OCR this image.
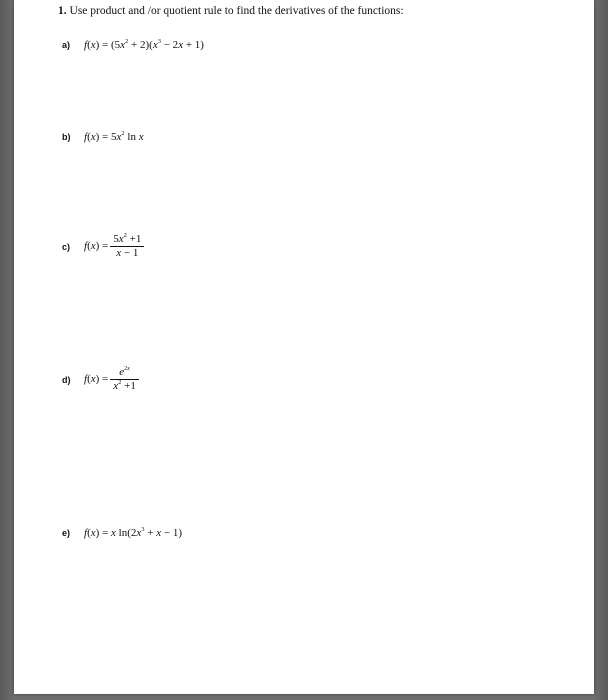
1. Use product and /or quotient rule to find the derivatives of the functions:
a) $f(x) = (5x^2 + 2)(x^3 - 2x + 1)$
b) $f(x) = 5x^2$ ln x
c) $f(x) = \frac{5x^2 +1}{x - 1}$
d) $f(x) = \frac{e^{2x}}{x^2 +1}$
e) f(x) = x $\ln(2x^3 + x - 1)$
